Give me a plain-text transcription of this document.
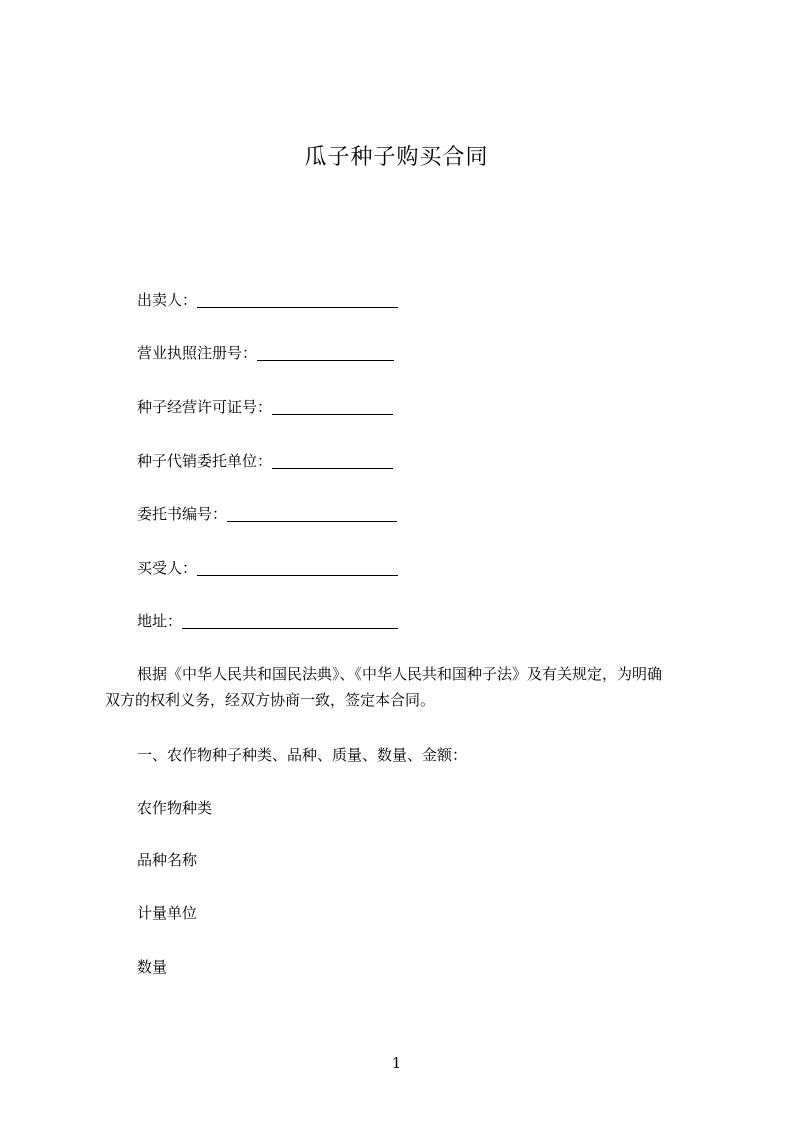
瓜子种子购买合同
出卖人：
营业执照注册号：
种子经营许可证号：
种子代销委托单位：
委托书编号：
买受人：
地址：
根据《中华人民共和国民法典》、《中华人民共和国种子法》及有关规定，为明确
双方的权利义务，经双方协商一致，签定本合同。
一、农作物种子种类、品种、质量、数量、金额：
农作物种类
品种名称
计量单位
数量
1
